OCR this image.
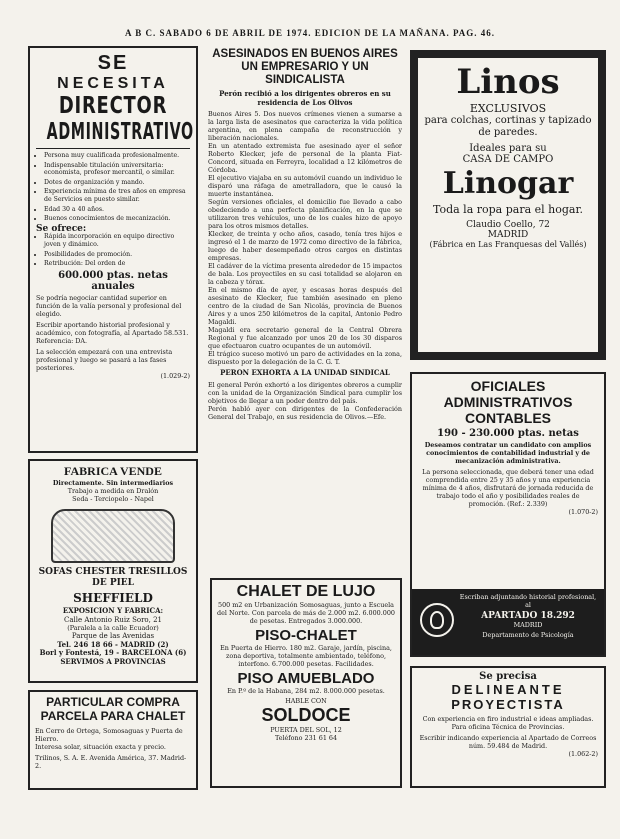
A B C. SABADO 6 DE ABRIL DE 1974. EDICION DE LA MAÑANA. PAG. 46.
SE
NECESITA
DIRECTOR
ADMINISTRATIVO
• Persona muy cualificada profesionalmente.
• Indispensable titulación universitaria: economista, profesor mercantil, o similar.
• Dotes de organización y mando.
• Experiencia mínima de tres años en empresa de Servicios en puesto similar.
• Edad 30 a 40 años.
• Buenos conocimientos de mecanización.
Se ofrece:
• Rápida incorporación en equipo directivo joven y dinámico.
• Posibilidades de promoción.
• Retribución: Del orden de
600.000 ptas. netas anuales

Se podría negociar cantidad superior en función de la valía personal y profesional del elegido.

Escribir aportando historial profesional y académico, con fotografía, al Apartado 58.531. Referencia: DA.

La selección empezará con una entrevista profesional y luego se pasará a las fases posteriores.

(1.029-2)

FABRICA VENDE
Directamente. Sin intermediarios
Trabajo a medida en Dralón
Seda - Terciopelo - Napel
SOFAS CHESTER TRESILLOS DE PIEL
SHEFFIELD
EXPOSICION Y FABRICA:
Calle Antonio Ruiz Soro, 21
(Paralela a la calle Ecuador)
Parque de las Avenidas
Tel. 246 18 66 - MADRID (2)
Borl y Fontestá, 19 - BARCELONA (6)
SERVIMOS A PROVINCIAS
PARTICULAR COMPRA
PARCELA PARA CHALET

En Cerro de Ortega, Somosaguas y Puerta de Hierro.

Interesa solar, situación exacta y precio.

Trilinos, S. A. E. Avenida América, 37. Madrid-2.

ASESINADOS EN BUENOS AIRES UN EMPRESARIO Y UN SINDICALISTA
Perón recibió a los dirigentes obreros en su residencia de Los Olivos

Buenos Aires 5. Dos nuevos crímenes vienen a sumarse a la larga lista de asesinatos que caracteriza la vida política argentina, en plena campaña de reconstrucción y liberación nacionales.

En un atentado extremista fue asesinado ayer el señor Roberto Klecker, jefe de personal de la planta Fiat-Concord, situada en Ferreyra, localidad a 12 kilómetros de Córdoba.

El ejecutivo viajaba en su automóvil cuando un individuo le disparó una ráfaga de ametralladora, que le causó la muerte instantánea.

Según versiones oficiales, el domicilio fue llevado a cabo obedeciendo a una perfecta planificación, en la que se utilizaron tres vehículos, uno de los cuales hizo de apoyo para los otros mismos detalles.

Klecker, de treinta y ocho años, casado, tenía tres hijos e ingresó el 1 de marzo de 1972 como directivo de la fábrica, luego de haber desempeñado otros cargos en distintas empresas.

El cadáver de la víctima presenta alrededor de 15 impactos de bala. Los proyectiles en su casi totalidad se alojaron en la cabeza y tórax.

En el mismo día de ayer, y escasas horas después del asesinato de Klecker, fue también asesinado en pleno centro de la ciudad de San Nicolás, provincia de Buenos Aires y a unos 250 kilómetros de la capital, Antonio Pedro Magaldi.

Magaldi era secretario general de la Central Obrera Regional y fue alcanzado por unos 20 de los 30 disparos que efectuaron cuatro ocupantes de un automóvil.

El trágico suceso motivó un paro de actividades en la zona, dispuesto por la delegación de la C. G. T.

PERON EXHORTA A LA UNIDAD SINDICAL

El general Perón exhortó a los dirigentes obreros a cumplir con la unidad de la Organización Sindical para cumplir los objetivos de llegar a un poder dentro del país.

Perón habló ayer con dirigentes de la Confederación General del Trabajo, en sus residencia de Olivos.—Efe.

CHALET DE LUJO

500 m2 en Urbanización Somosaguas, junto a Escuela del Norte. Con parcela de más de 2.000 m2. 6.000.000 de pesetas. Entregados 3.000.000.

PISO-CHALET

En Puerta de Hierro. 180 m2. Garaje, jardín, piscina, zona deportiva, totalmente ambientado, teléfono, interfono. 6.700.000 pesetas. Facilidades.

PISO AMUEBLADO

En P.º de la Habana, 284 m2. 8.000.000 pesetas.

HABLE CON
SOLDOCE
PUERTA DEL SOL, 12
Teléfono 231 61 64
Linos
EXCLUSIVOS
para colchas, cortinas y tapizado de paredes.
Ideales para su
CASA DE CAMPO
Linogar
Toda la ropa para el hogar.
Claudio Coello, 72
MADRID
(Fábrica en Las Franquesas del Vallés)
OFICIALES
ADMINISTRATIVOS
CONTABLES
190 - 230.000 ptas. netas

Deseamos contratar un candidato con amplios conocimientos de contabilidad industrial y de mecanización administrativa.

La persona seleccionada, que deberá tener una edad comprendida entre 25 y 35 años y una experiencia mínima de 4 años, disfrutará de jornada reducida de trabajo todo el año y posibilidades reales de promoción. (Ref.: 2.339)

(1.070-2)

Escriban adjuntando historial profesional, al
APARTADO 18.292
MADRID
Departamento de Psicología
Se precisa
DELINEANTE
PROYECTISTA

Con experiencia en firo industrial e ideas ampliadas. Para oficina Técnica de Provincias.

Escribir indicando experiencia al Apartado de Correos núm. 59.484 de Madrid.

(1.062-2)
